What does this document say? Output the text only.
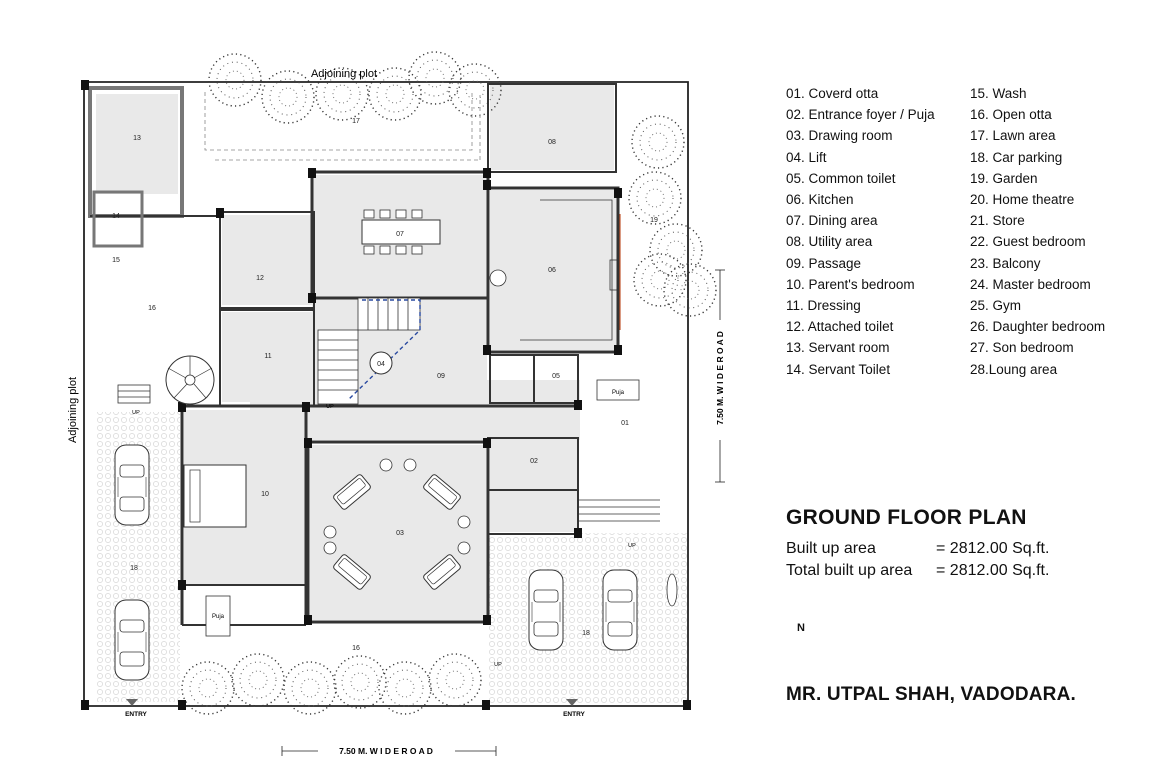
Puja
Puja
Adjoining plot
Adjoining plot
7.50 M. W I D E R O A D
7.50 M. W I D E R O A D
ENTRY	ENTRY
UP
UP
UP
UP
13
14
15
16
17
08
07
12
06
19
11
04
09	05
01
10
02
03
18
18
16
01. Coverd otta
02. Entrance foyer / Puja
03. Drawing room
04. Lift
05. Common toilet
06. Kitchen
07. Dining area
08. Utility area
09. Passage
10. Parent's bedroom
11. Dressing
12. Attached toilet
13. Servant room
14. Servant Toilet
15. Wash
16. Open otta
17. Lawn area
18. Car parking
19. Garden
20. Home theatre
21. Store
22. Guest bedroom
23. Balcony
24. Master bedroom
25. Gym
26. Daughter bedroom
27. Son bedroom
28.Loung area
GROUND FLOOR PLAN
Built up area	= 2812.00 Sq.ft.
Total built up area = 2812.00 Sq.ft.
N
MR. UTPAL SHAH, VADODARA.
